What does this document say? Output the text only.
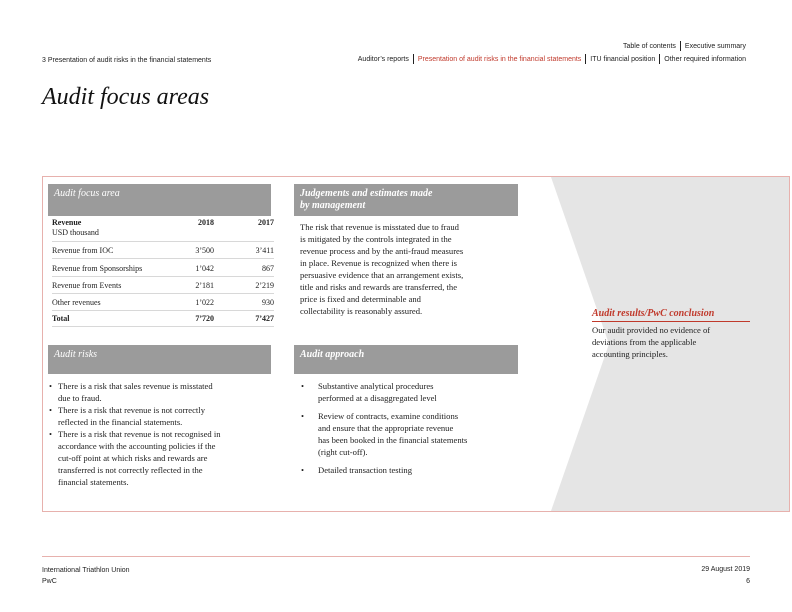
Table of contents Executive summary
Auditor’s reports Presentation of audit risks in the financial statements ITU financial position Other required information
3 Presentation of audit risks in the financial statements
Audit focus areas
Audit focus area
Revenue
USD thousand
2018	2017
Revenue from IOC	3’500	3’411
Revenue from Sponsorships	1’042	867
Revenue from Events	2’181	2’219
Other revenues	1’022	930
Total	7’720	7’427
Judgements and estimates made
by management
The risk that revenue is misstated due to fraud
is mitigated by the controls integrated in the
revenue process and by the anti-fraud measures
in place. Revenue is recognized when there is
persuasive evidence that an arrangement exists,
title and risks and rewards are transferred, the
price is fixed and determinable and
collectability is reasonably assured.
Audit risks
• There is a risk that sales revenue is misstated
due to fraud.
• There is a risk that revenue is not correctly
reflected in the financial statements.
• There is a risk that revenue is not recognised in
accordance with the accounting policies if the
cut-off point at which risks and rewards are
transferred is not correctly reflected in the
financial statements.
Audit approach
• Substantive analytical procedures
performed at a disaggregated level
• Review of contracts, examine conditions
and ensure that the appropriate revenue
has been booked in the financial statements
(right cut-off).
• Detailed transaction testing
Audit results/PwC conclusion
Our audit provided no evidence of
deviations from the applicable
accounting principles.
International Triathlon Union
PwC
29 August 2019
6
